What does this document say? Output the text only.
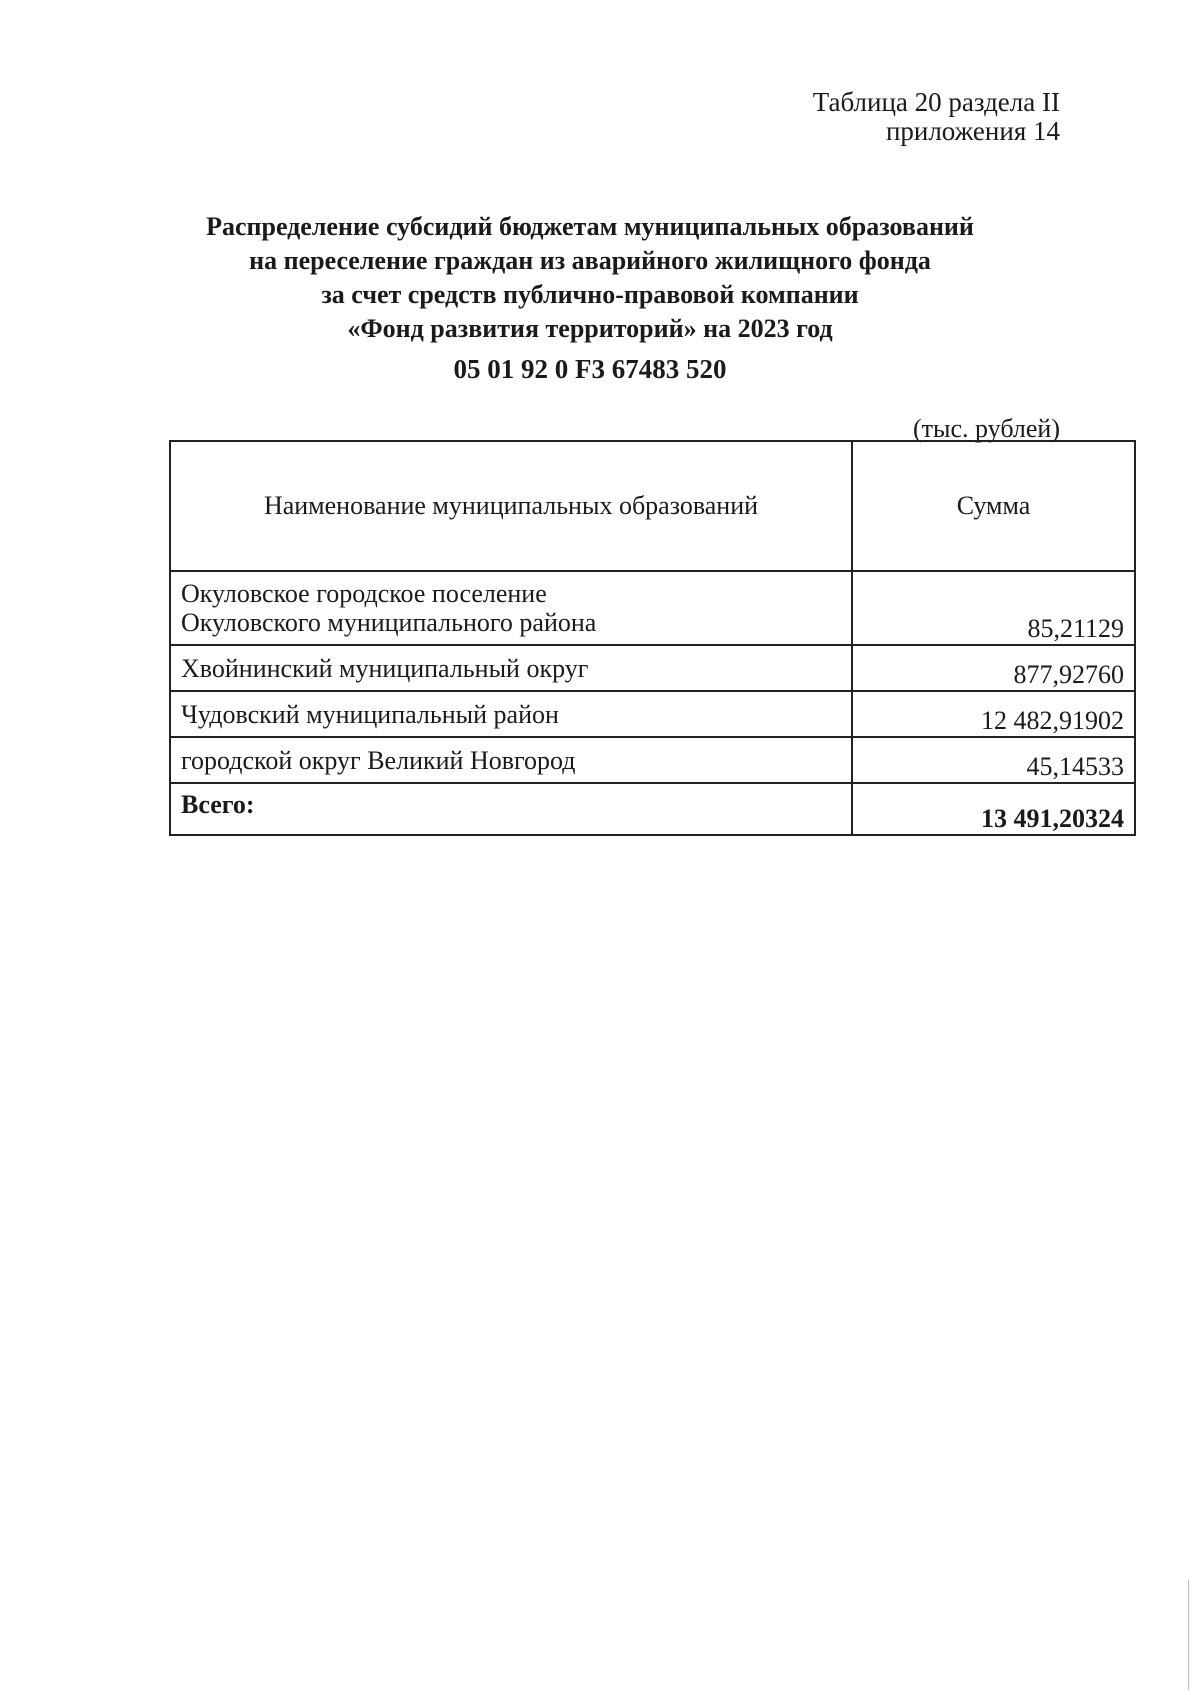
Таблица 20 раздела II
приложения 14
Распределение субсидий бюджетам муниципальных образований
на переселение граждан из аварийного жилищного фонда
за счет средств публично-правовой компании
«Фонд развития территорий» на 2023 год
05 01 92 0 F3 67483 520
(тыс. рублей)
Наименование муниципальных образований	Сумма

Окуловское городское поселение
Окуловского муниципального района	85,21129
Хвойнинский муниципальный округ	877,92760
Чудовский муниципальный район	12 482,91902
городской округ Великий Новгород	45,14533
Всего:	13 491,20324
